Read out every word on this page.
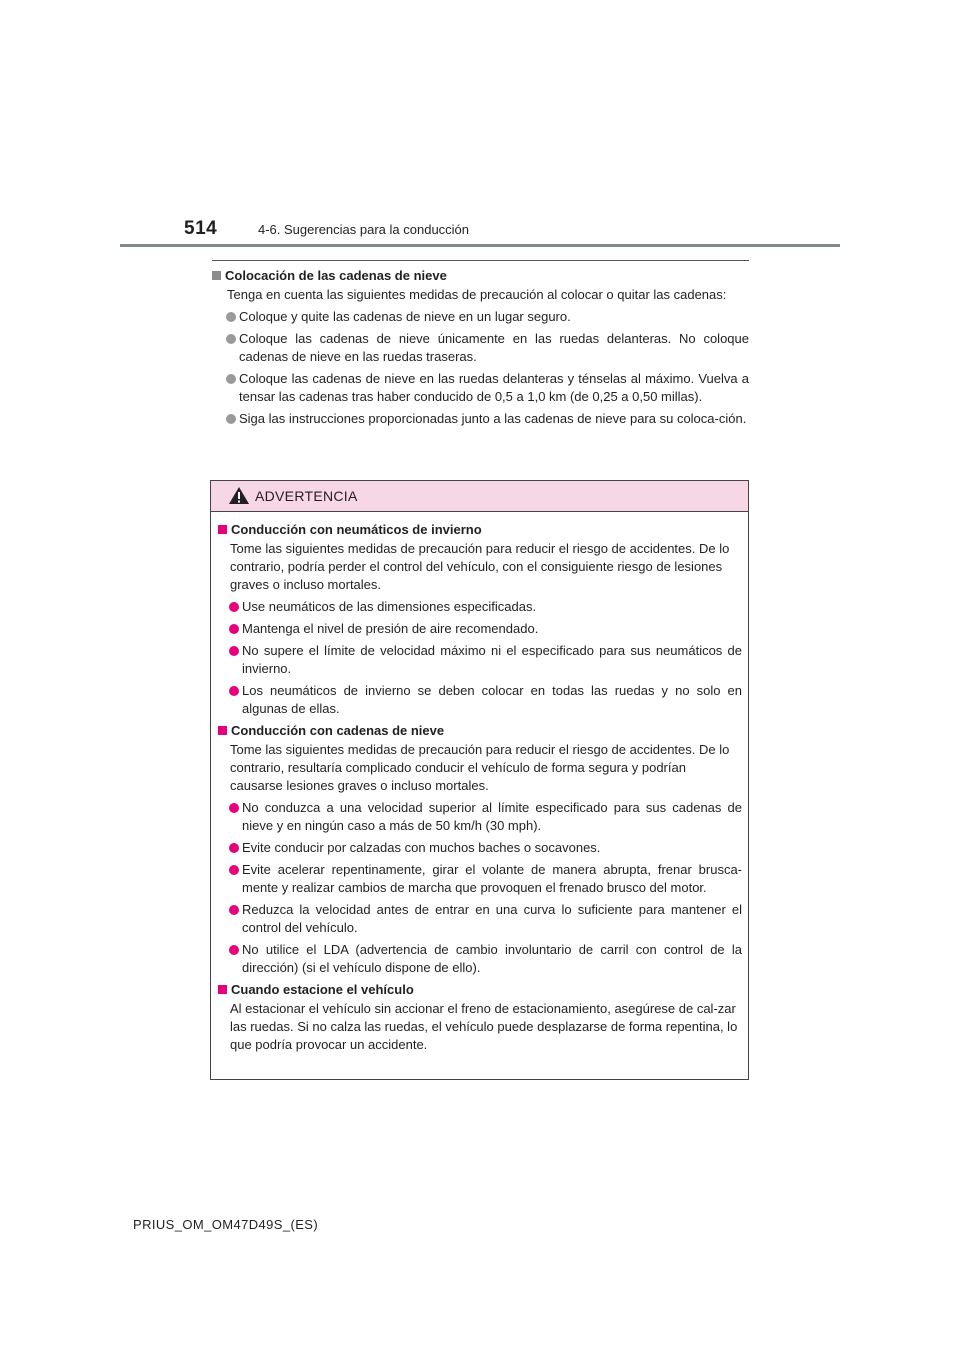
514	4-6. Sugerencias para la conducción
Colocación de las cadenas de nieve
Tenga en cuenta las siguientes medidas de precaución al colocar o quitar las cadenas:
Coloque y quite las cadenas de nieve en un lugar seguro.
Coloque las cadenas de nieve únicamente en las ruedas delanteras. No coloque cadenas de nieve en las ruedas traseras.
Coloque las cadenas de nieve en las ruedas delanteras y ténselas al máximo. Vuelva a tensar las cadenas tras haber conducido de 0,5 a 1,0 km (de 0,25 a 0,50 millas).
Siga las instrucciones proporcionadas junto a las cadenas de nieve para su coloca-ción.
ADVERTENCIA
Conducción con neumáticos de invierno
Tome las siguientes medidas de precaución para reducir el riesgo de accidentes. De lo contrario, podría perder el control del vehículo, con el consiguiente riesgo de lesiones graves o incluso mortales.
Use neumáticos de las dimensiones especificadas.
Mantenga el nivel de presión de aire recomendado.
No supere el límite de velocidad máximo ni el especificado para sus neumáticos de invierno.
Los neumáticos de invierno se deben colocar en todas las ruedas y no solo en algunas de ellas.
Conducción con cadenas de nieve
Tome las siguientes medidas de precaución para reducir el riesgo de accidentes. De lo contrario, resultaría complicado conducir el vehículo de forma segura y podrían causarse lesiones graves o incluso mortales.
No conduzca a una velocidad superior al límite especificado para sus cadenas de nieve y en ningún caso a más de 50 km/h (30 mph).
Evite conducir por calzadas con muchos baches o socavones.
Evite acelerar repentinamente, girar el volante de manera abrupta, frenar brusca-mente y realizar cambios de marcha que provoquen el frenado brusco del motor.
Reduzca la velocidad antes de entrar en una curva lo suficiente para mantener el control del vehículo.
No utilice el LDA (advertencia de cambio involuntario de carril con control de la dirección) (si el vehículo dispone de ello).
Cuando estacione el vehículo
Al estacionar el vehículo sin accionar el freno de estacionamiento, asegúrese de cal-zar las ruedas. Si no calza las ruedas, el vehículo puede desplazarse de forma repentina, lo que podría provocar un accidente.
PRIUS_OM_OM47D49S_(ES)
